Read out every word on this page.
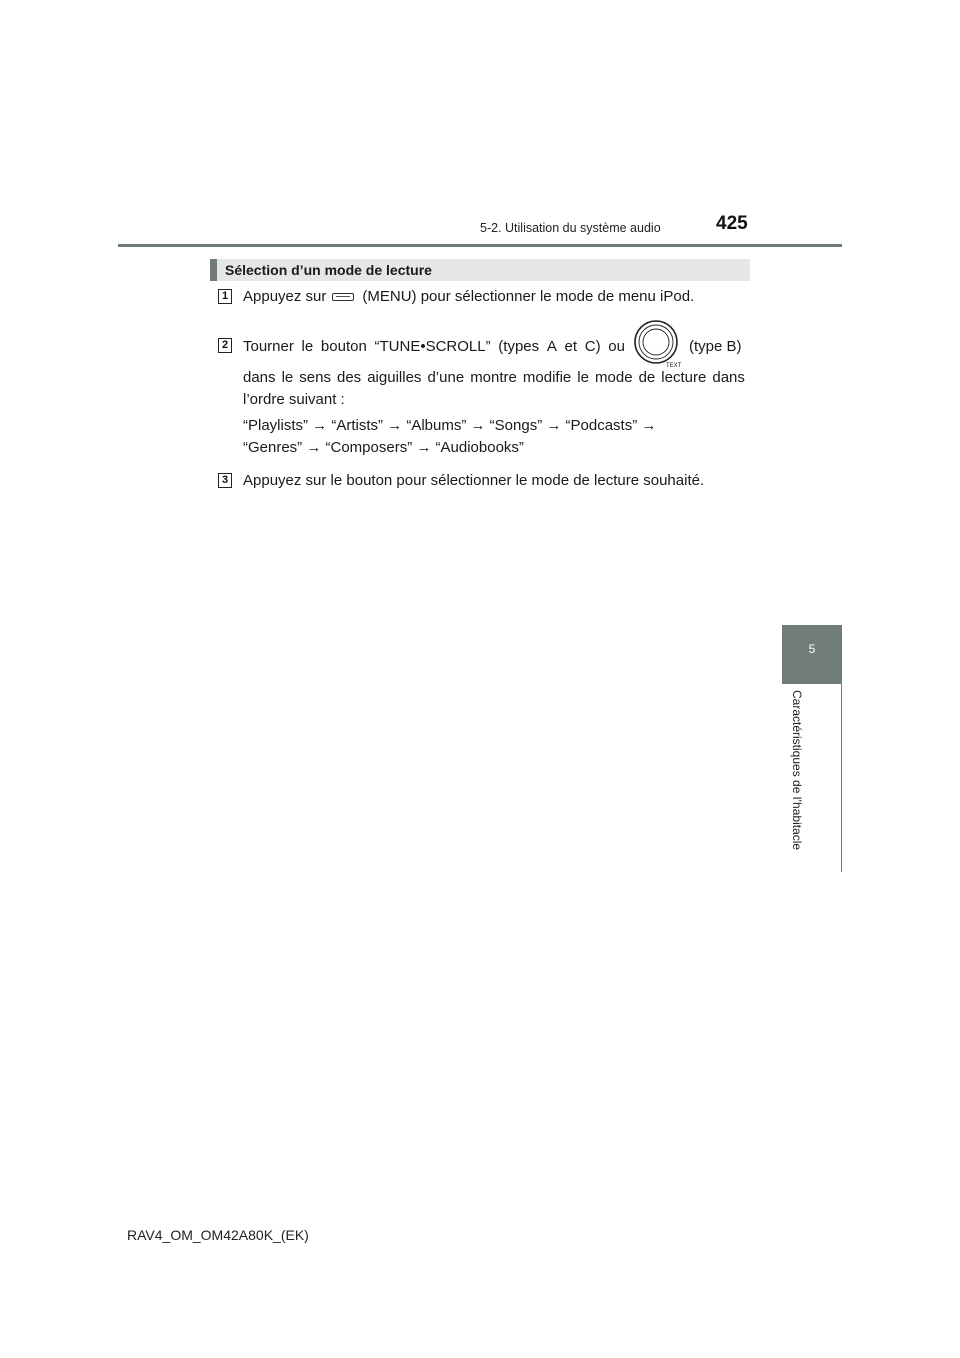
5-2. Utilisation du système audio	425
5
Caractéristiques de l’habitacle
Sélection d’un mode de lecture
1 Appuyez sur (MENU) pour sélectionner le mode de menu iPod.
2 Tourner le bouton “TUNE•SCROLL” (types A et C) ou
TEXT
(type B)
dans le sens des aiguilles d’une montre modifie le mode de lecture dans
l’ordre suivant :
“Playlists” → “Artists” → “Albums” → “Songs” → “Podcasts” →
“Genres” → “Composers” → “Audiobooks”
3 Appuyez sur le bouton pour sélectionner le mode de lecture souhaité.
RAV4_OM_OM42A80K_(EK)
